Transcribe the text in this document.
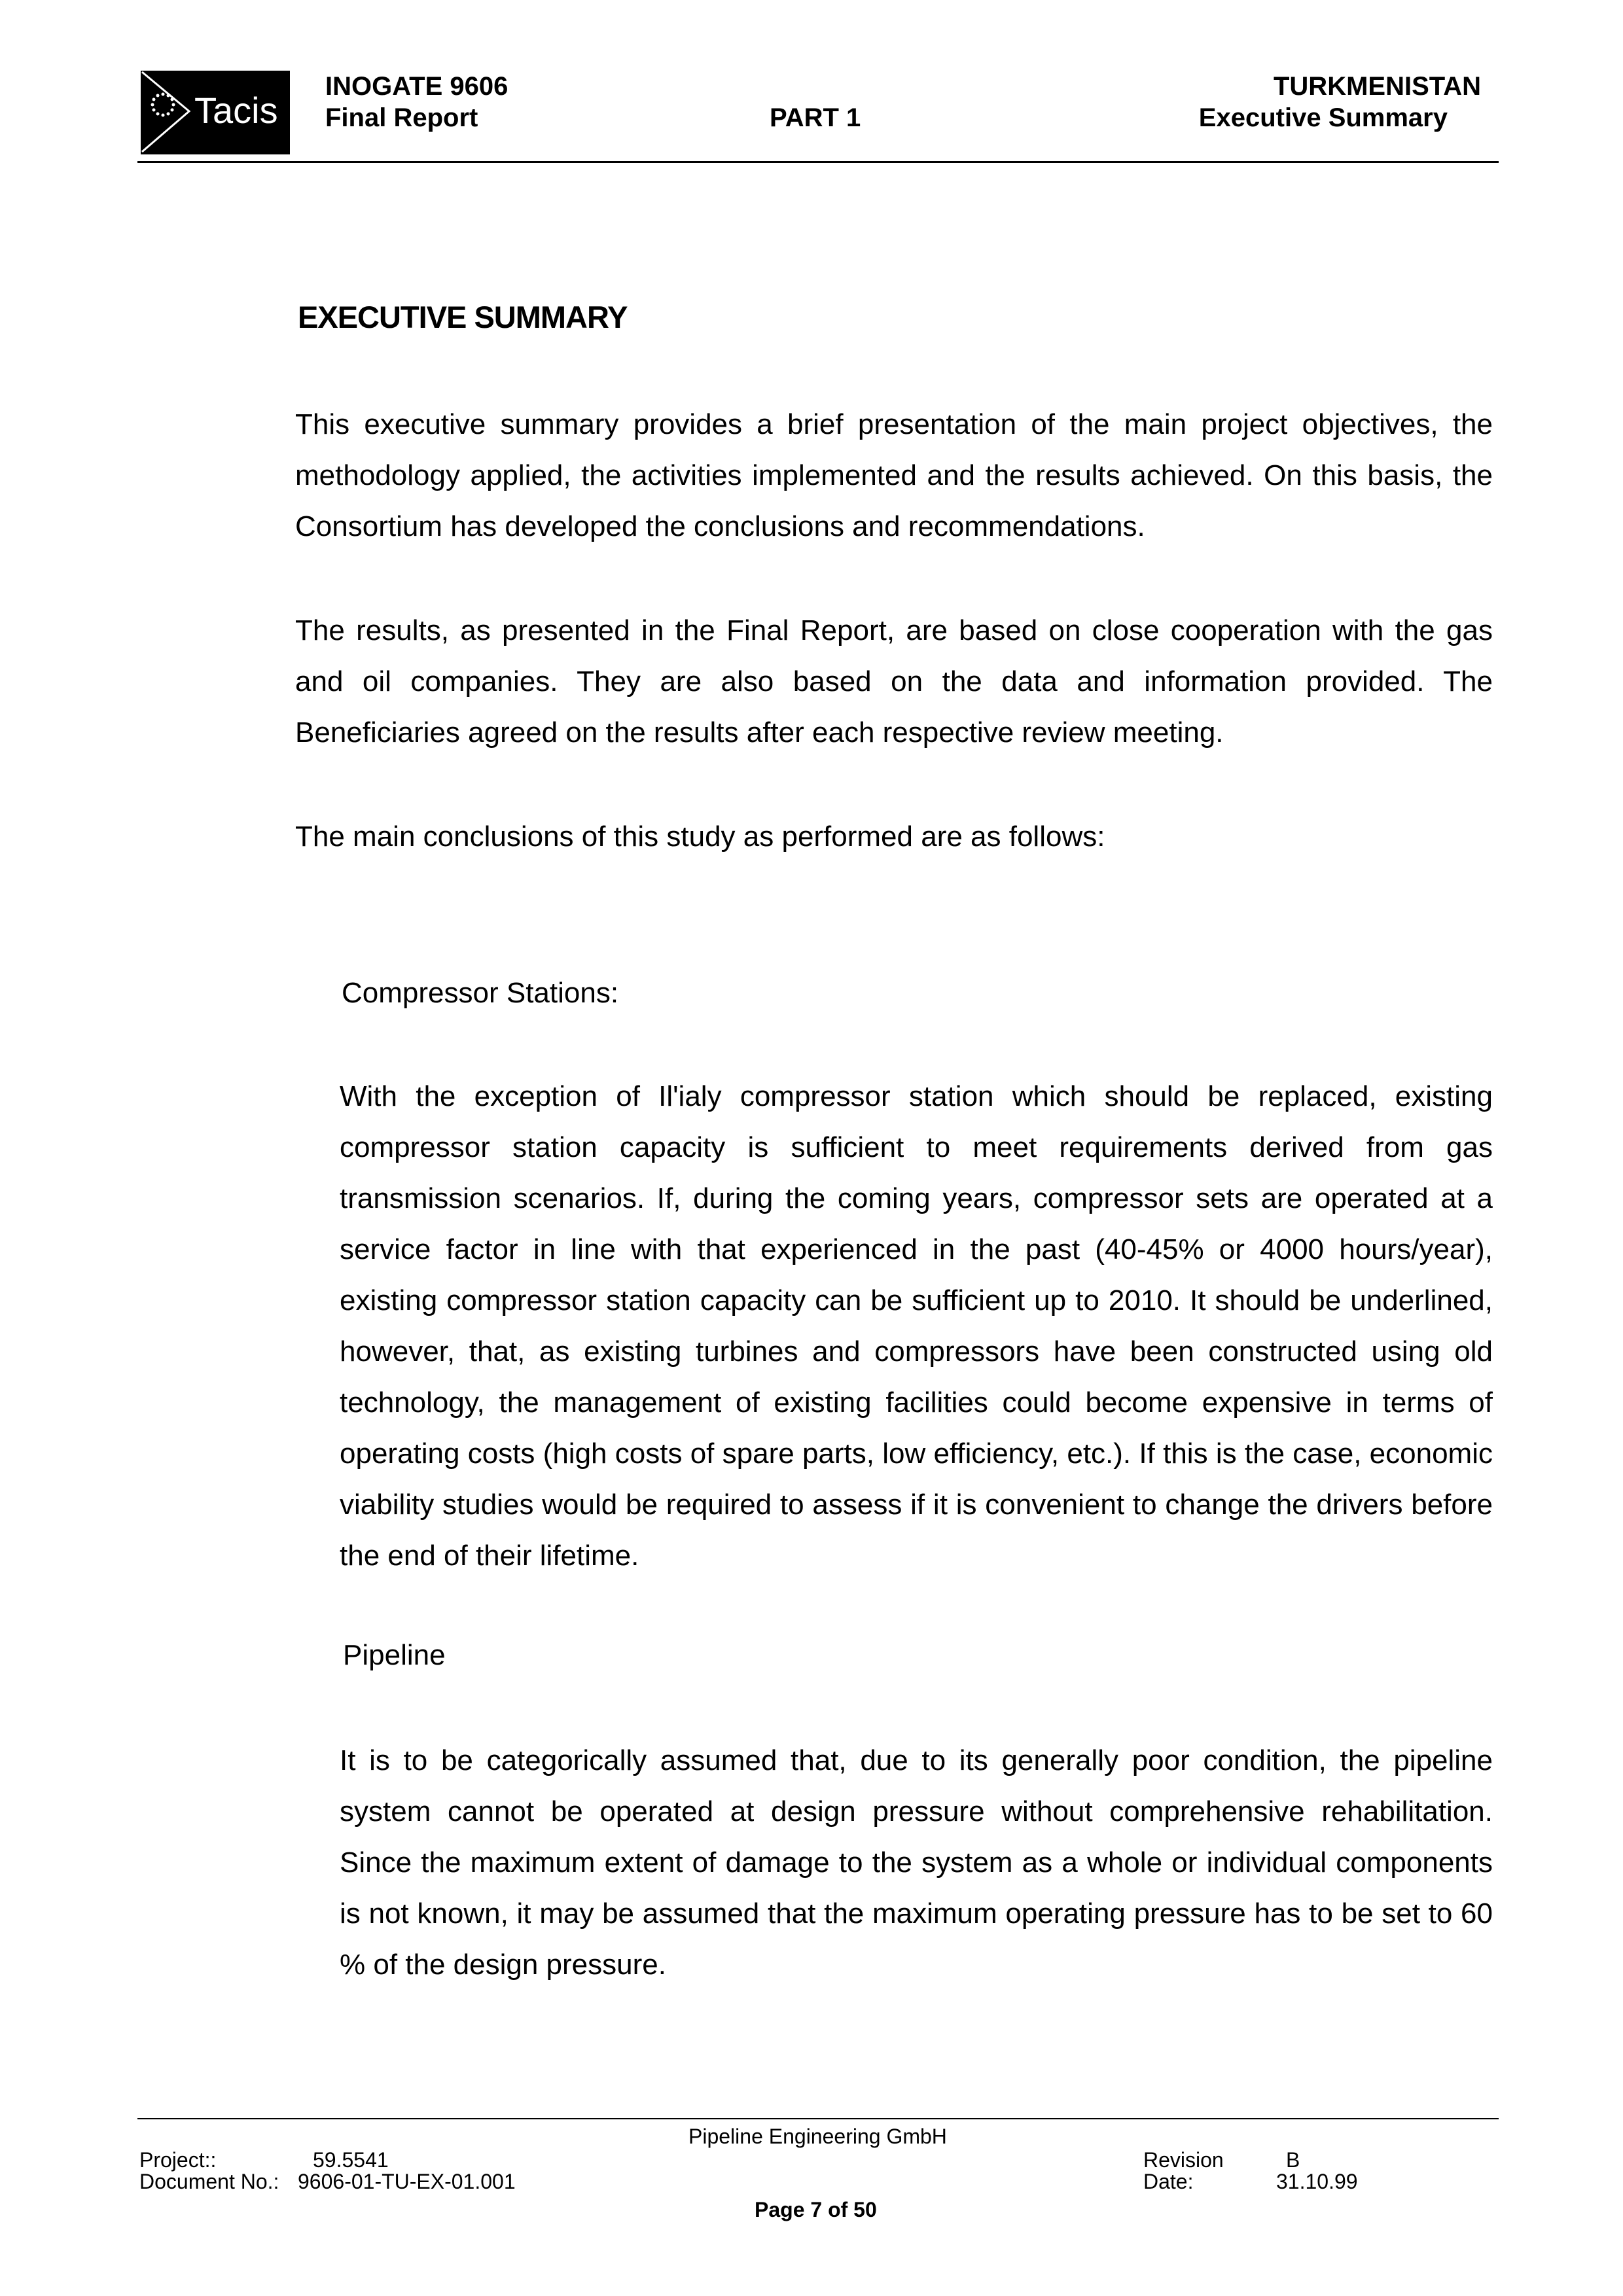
Tacis
INOGATE 9606
Final Report	PART 1
TURKMENISTAN
Executive Summary
EXECUTIVE SUMMARY
This executive summary provides a brief presentation of the main project objectives, the methodology applied, the activities implemented and the results achieved. On this basis, the Consortium has developed the conclusions and recommendations.
The results, as presented in the Final Report, are based on close cooperation with the gas and oil companies. They are also based on the data and information provided. The Beneficiaries agreed on the results after each respective review meeting.
The main conclusions of this study as performed are as follows:
Compressor Stations:
With the exception of Il'ialy compressor station which should be replaced, existing compressor station capacity is sufficient to meet requirements derived from gas transmission scenarios. If, during the coming years, compressor sets are operated at a service factor in line with that experienced in the past (40-45% or 4000 hours/year), existing compressor station capacity can be sufficient up to 2010. It should be underlined, however, that, as existing turbines and compressors have been constructed using old technology, the management of existing facilities could become expensive in terms of operating costs (high costs of spare parts, low efficiency, etc.). If this is the case, economic viability studies would be required to assess if it is convenient to change the drivers before the end of their lifetime.
Pipeline
It is to be categorically assumed that, due to its generally poor condition, the pipeline system cannot be operated at design pressure without comprehensive rehabilitation. Since the maximum extent of damage to the system as a whole or individual components is not known, it may be assumed that the maximum operating pressure has to be set to 60 % of the design pressure.
Pipeline Engineering GmbH
Project::	59.5541
Document No.: 9606-01-TU-EX-01.001
Revision	B
Date:	31.10.99
Page 7 of 50
